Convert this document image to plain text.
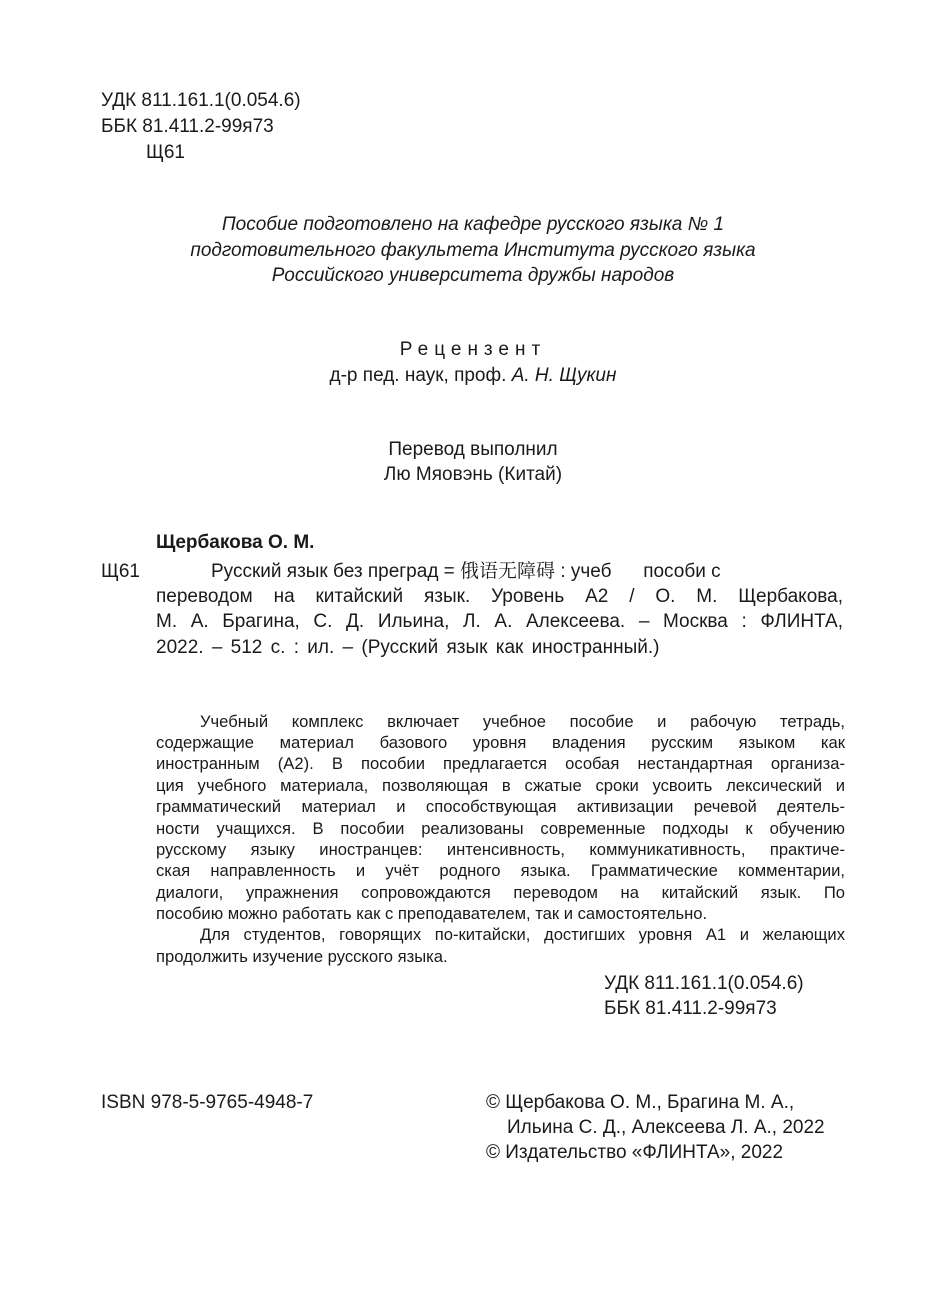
УДК 811.161.1(0.054.6)
ББК 81.411.2-99я73
Щ61
Пособие подготовлено на кафедре русского языка № 1
подготовительного факультета Института русского языка
Российского университета дружбы народов
Рецензент
д-р пед. наук, проф. А. Н. Щукин
Перевод выполнил
Лю Мяовэнь (Китай)
Щербакова О. М.
Щ61	Русский язык без преград = 俄语无障碍 : учеб      пособи с
переводом на китайский язык. Уровень А2 / О. М. Щербакова,
М. А. Брагина, С. Д. Ильина, Л. А. Алексеева. – Москва : ФЛИНТА,
2022. – 512 с. : ил. – (Русский язык как иностранный.)
Учебный комплекс включает учебное пособие и рабочую тетрадь,
содержащие материал базового уровня владения русским языком как
иностранным (А2). В пособии предлагается особая нестандартная организа-
ция учебного материала, позволяющая в сжатые сроки усвоить лексический и
грамматический материал и способствующая активизации речевой деятель-
ности учащихся. В пособии реализованы современные подходы к обучению
русскому языку иностранцев: интенсивность, коммуникативность, практиче-
ская направленность и учёт родного языка. Грамматические комментарии,
диалоги, упражнения сопровождаются переводом на китайский язык. По
пособию можно работать как с преподавателем, так и самостоятельно.
Для студентов, говорящих по-китайски, достигших уровня А1 и желающих
продолжить изучение русского языка.
УДК 811.161.1(0.054.6)
ББК 81.411.2-99я73
ISBN 978-5-9765-4948-7	© Щербакова О. М., Брагина М. А.,
Ильина С. Д., Алексеева Л. А., 2022
© Издательство «ФЛИНТА», 2022
